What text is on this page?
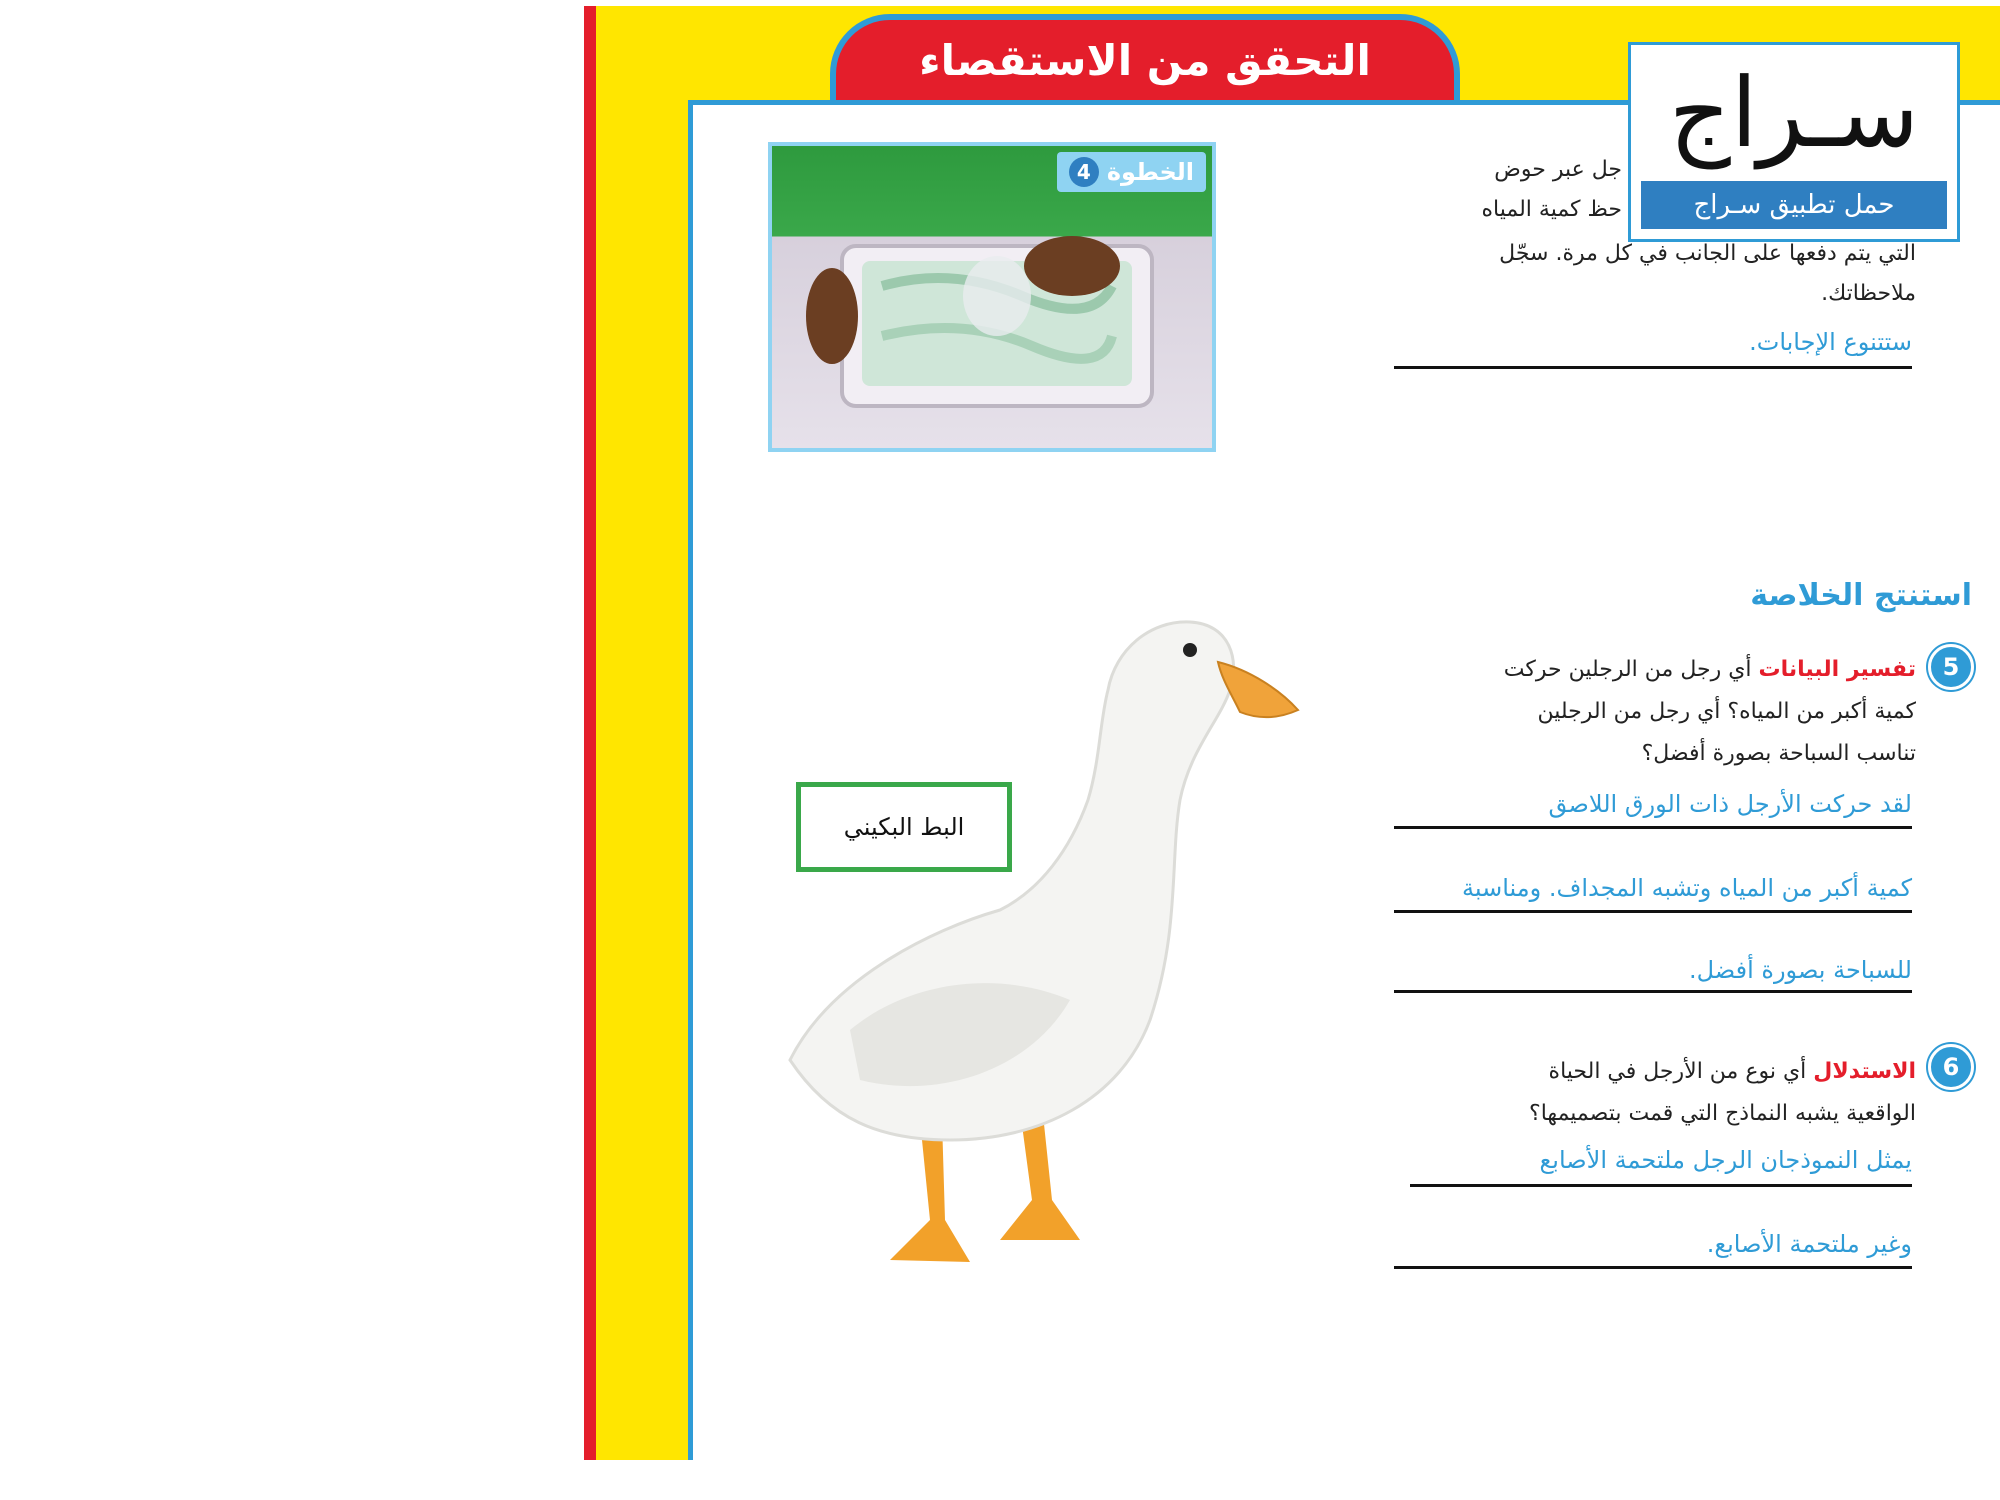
التحقق من الاستقصاء	سـراج
حمل تطبيق سـراج
الخطوة
4	جل عبر حوض
حظ كمية المياه
التي يتم دفعها على الجانب في كل مرة. سجّل
ملاحظاتك.
ستتنوع الإجابات.
استنتج الخلاصة
5
تفسير البيانات أي رجل من الرجلين حركت
كمية أكبر من المياه؟ أي رجل من الرجلين
تناسب السباحة بصورة أفضل؟
لقد حركت الأرجل ذات الورق اللاصق
كمية أكبر من المياه وتشبه المجداف. ومناسبة
للسباحة بصورة أفضل.
6
الاستدلال أي نوع من الأرجل في الحياة
الواقعية يشبه النماذج التي قمت بتصميمها؟
يمثل النموذجان الرجل ملتحمة الأصابع
وغير ملتحمة الأصابع.
البط البكيني
